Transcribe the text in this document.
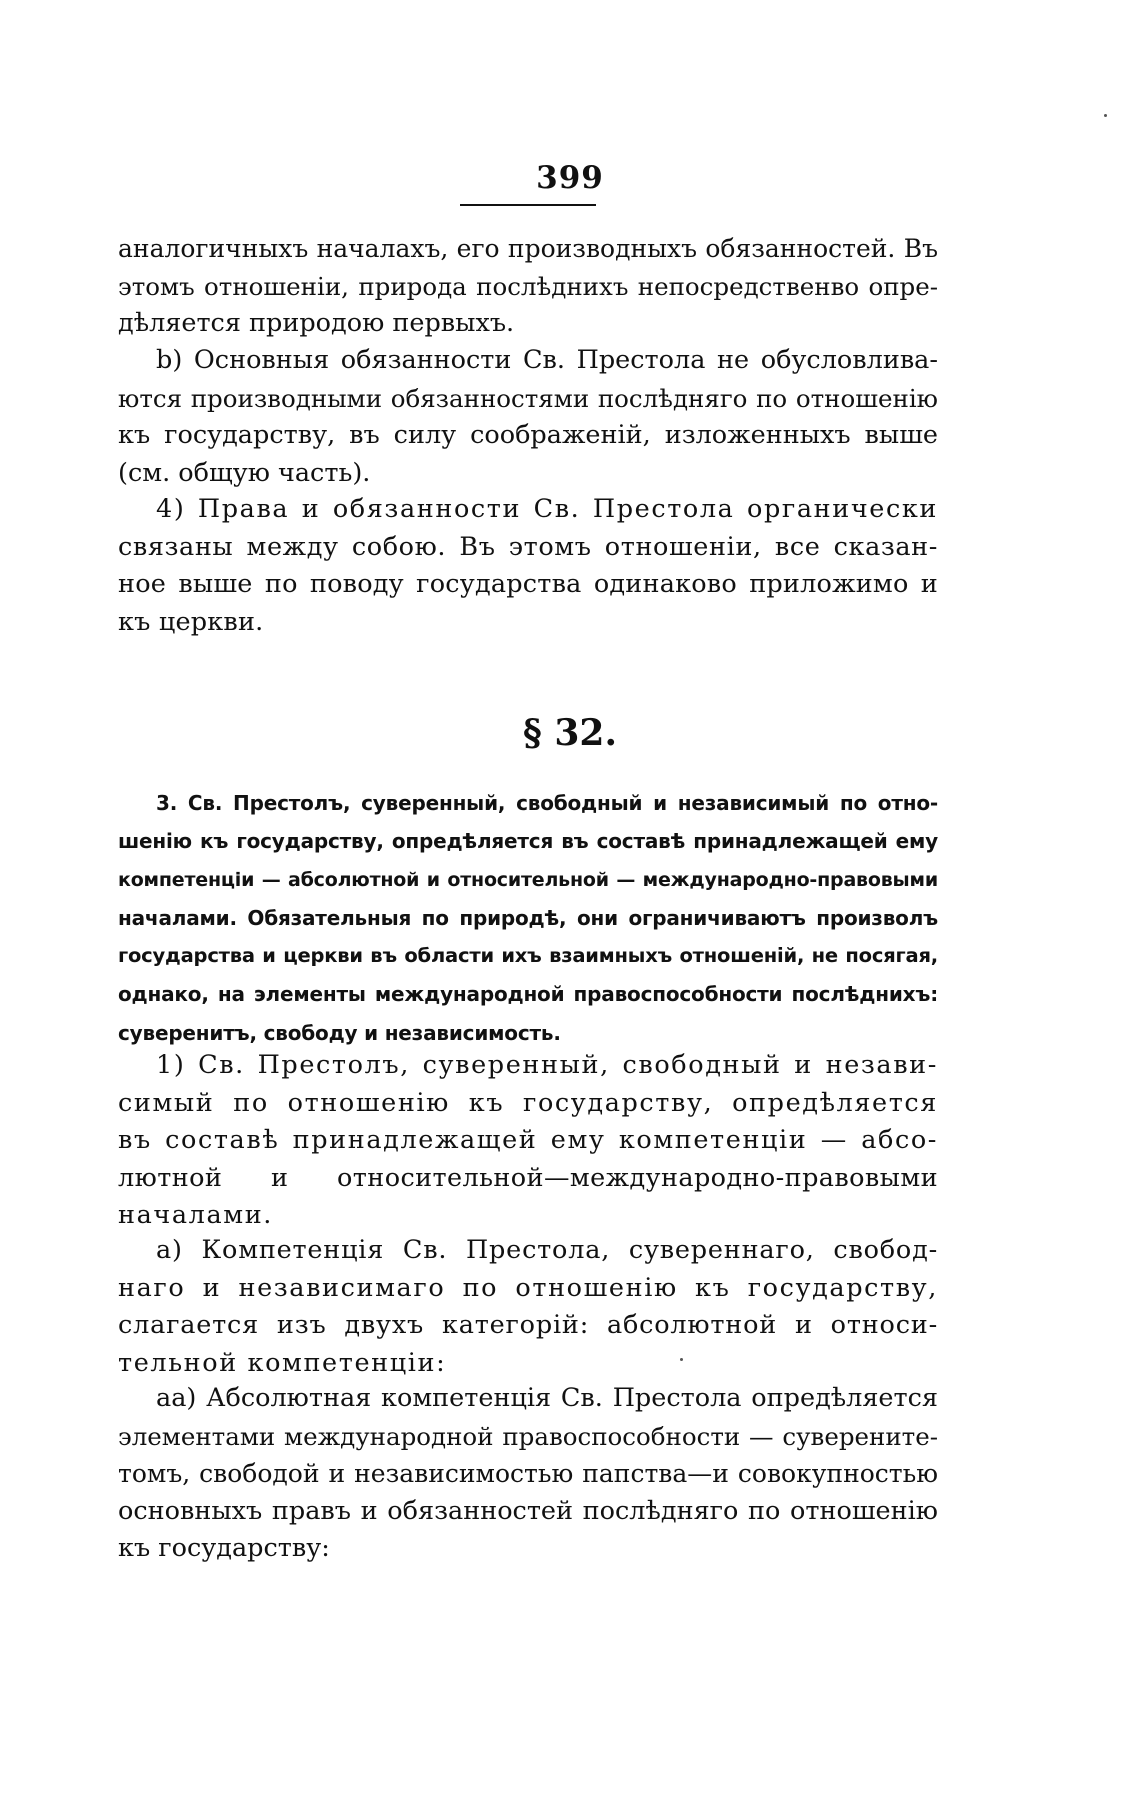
399
аналогичныхъ началахъ, его производныхъ обязанностей. Въ
этомъ отношеніи, природа послѣднихъ непосредственво опре-
дѣляется природою первыхъ.
b) Основныя обязанности Св. Престола не обусловлива-
ются производными обязанностями послѣдняго по отношенію
къ государству, въ силу соображеній, изложенныхъ выше
(см. общую часть).
4) Права и обязанности Св. Престола органически
связаны между собою. Въ этомъ отношеніи, все сказан-
ное выше по поводу государства одинаково приложимо и
къ церкви.
§ 32.
3. Св. Престолъ, суверенный, свободный и независимый по отно-
шенію къ государству, опредѣляется въ составѣ принадлежащей ему
компетенціи — абсолютной и относительной — международно-правовыми
началами. Обязательныя по природѣ, они ограничиваютъ произволъ
государства и церкви въ области ихъ взаимныхъ отношеній, не посягая,
однако, на элементы международной правоспособности послѣднихъ:
суверенитъ, свободу и независимость.
1) Св. Престолъ, суверенный, свободный и незави-
симый по отношенію къ государству, опредѣляется
въ составѣ принадлежащей ему компетенціи — абсо-
лютной и относительной—международно-правовыми
началами.
а) Компетенція Св. Престола, сувереннаго, свобод-
наго и независимаго по отношенію къ государству,
слагается изъ двухъ категорій: абсолютной и относи-
тельной компетенціи:
аа) Абсолютная компетенція Св. Престола опредѣляется
элементами международной правоспособности — суверените-
томъ, свободой и независимостью папства—и совокупностью
основныхъ правъ и обязанностей послѣдняго по отношенію
къ государству:
